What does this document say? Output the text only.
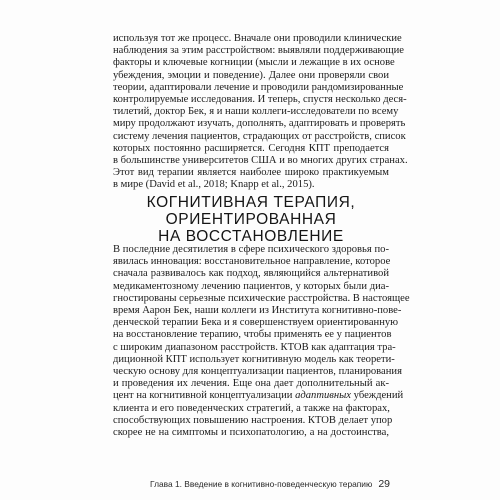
используя тот же процесс. Вначале они проводили клинические
наблюдения за этим расстройством: выявляли поддерживающие
факторы и ключевые когниции (мысли и лежащие в их основе
убеждения, эмоции и поведение). Далее они проверяли свои
теории, адаптировали лечение и проводили рандомизированные
контролируемые исследования. И теперь, спустя несколько деся-
тилетий, доктор Бек, я и наши коллеги-исследователи по всему
миру продолжают изучать, дополнять, адаптировать и проверять
систему лечения пациентов, страдающих от расстройств, список
которых постоянно расширяется. Сегодня КПТ преподается
в большинстве университетов США и во многих других странах.
Этот вид терапии является наиболее широко практикуемым
в мире (David et al., 2018; Knapp et al., 2015).
КОГНИТИВНАЯ ТЕРАПИЯ,
ОРИЕНТИРОВАННАЯ
НА ВОССТАНОВЛЕНИЕ
В последние десятилетия в сфере психического здоровья по-
явилась инновация: восстановительное направление, которое
сначала развивалось как подход, являющийся альтернативой
медикаментозному лечению пациентов, у которых были диа-
гностированы серьезные психические расстройства. В настоящее
время Аарон Бек, наши коллеги из Института когнитивно-пове-
денческой терапии Бека и я совершенствуем ориентированную
на восстановление терапию, чтобы применять ее у пациентов
с широким диапазоном расстройств. КТОВ как адаптация тра-
диционной КПТ использует когнитивную модель как теорети-
ческую основу для концептуализации пациентов, планирования
и проведения их лечения. Еще она дает дополнительный ак-
цент на когнитивной концептуализации адаптивных убеждений
клиента и его поведенческих стратегий, а также на факторах,
способствующих повышению настроения. КТОВ делает упор
скорее не на симптомы и психопатологию, а на достоинства,
Глава 1. Введение в когнитивно-поведенческую терапию 29
